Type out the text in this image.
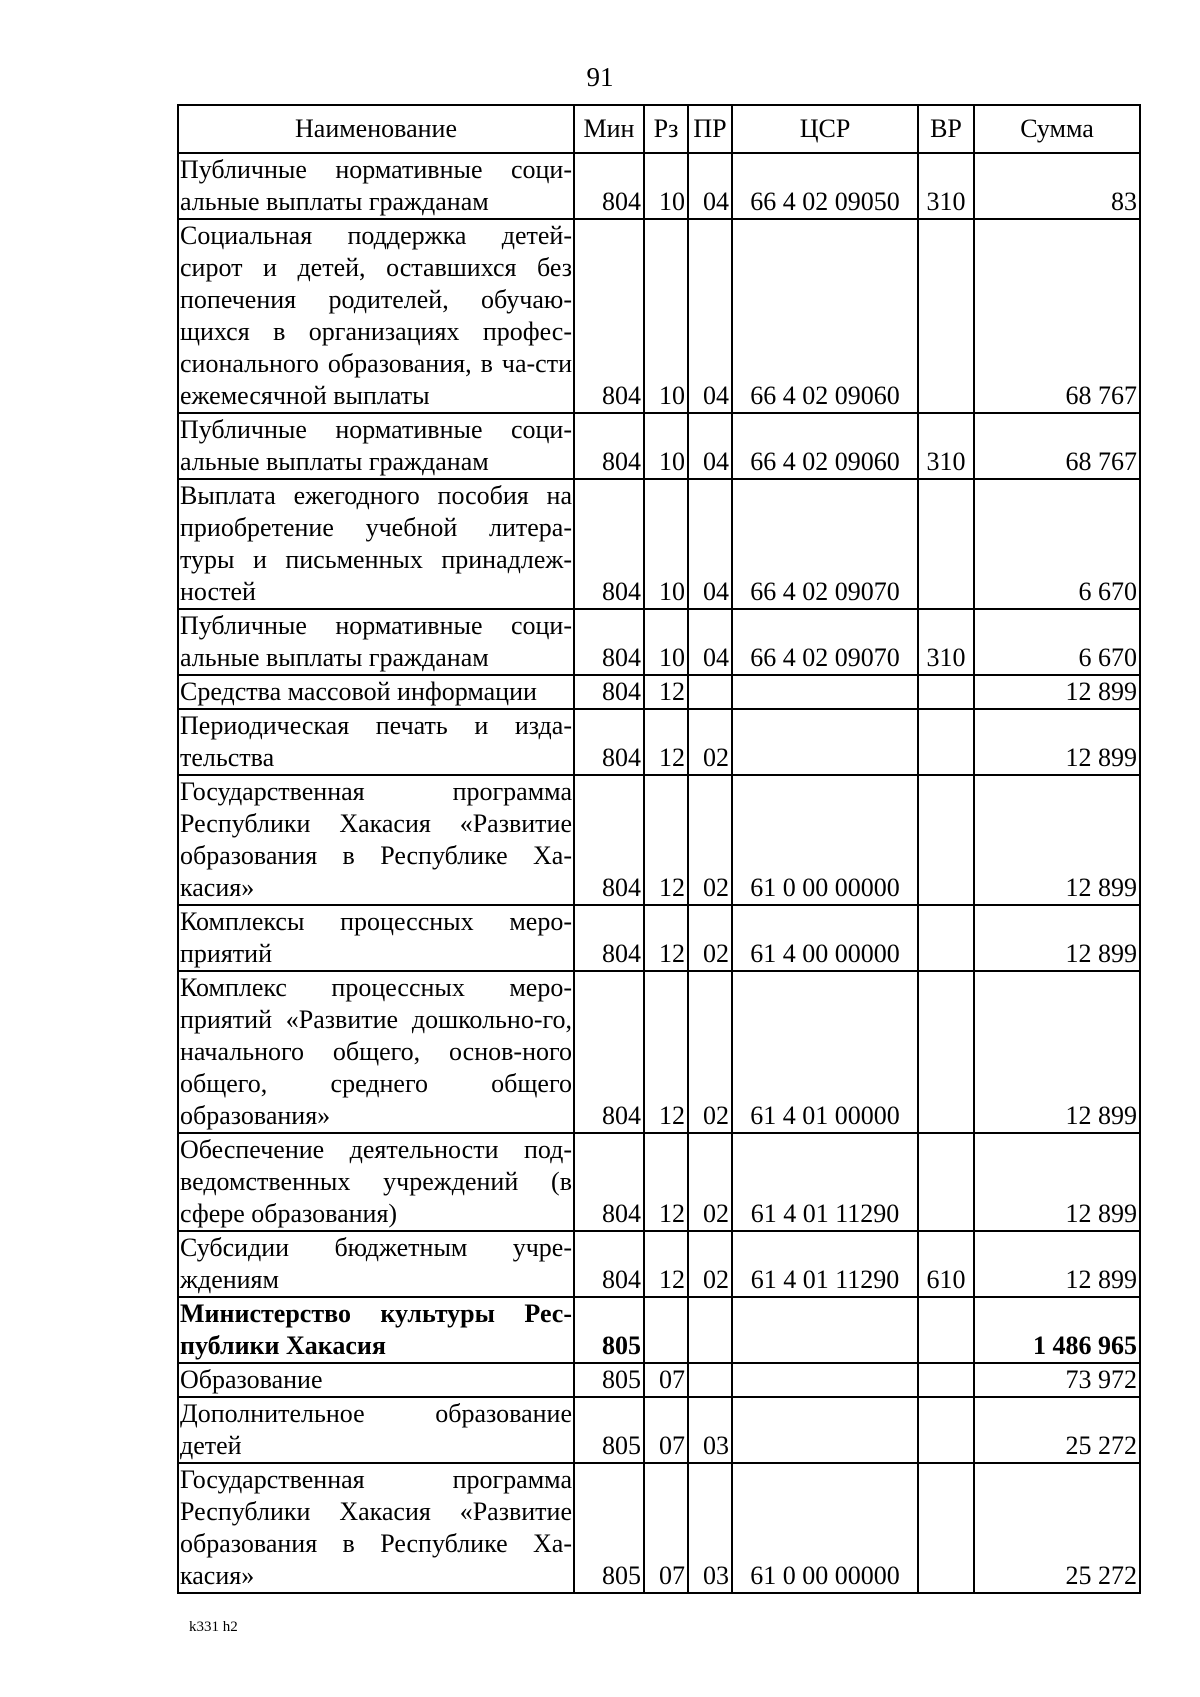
91
Наименование	Мин	Рз	ПР	ЦСР	ВР	Сумма
Публичные нормативные соци-альные выплаты гражданам	804	10	04	66 4 02 09050	310	83
Социальная поддержка детей-сирот и детей, оставшихся без попечения родителей, обучаю-щихся в организациях профес-сионального образования, в ча-сти ежемесячной выплаты	804	10	04	66 4 02 09060		68 767
Публичные нормативные соци-альные выплаты гражданам	804	10	04	66 4 02 09060	310	68 767
Выплата ежегодного пособия на приобретение учебной литера-туры и письменных принадлеж-ностей	804	10	04	66 4 02 09070		6 670
Публичные нормативные соци-альные выплаты гражданам	804	10	04	66 4 02 09070	310	6 670
Средства массовой информации	804	12				12 899
Периодическая печать и изда-тельства	804	12	02			12 899
Государственная программа Республики Хакасия «Развитие образования в Республике Ха-касия»	804	12	02	61 0 00 00000		12 899
Комплексы процессных меро-приятий	804	12	02	61 4 00 00000		12 899
Комплекс процессных меро-приятий «Развитие дошкольно-го, начального общего, основ-ного общего, среднего общего образования»	804	12	02	61 4 01 00000		12 899
Обеспечение деятельности под-ведомственных учреждений (в сфере образования)	804	12	02	61 4 01 11290		12 899
Субсидии бюджетным учре-ждениям	804	12	02	61 4 01 11290	610	12 899
Министерство культуры Рес-публики Хакасия	805					1 486 965
Образование	805	07				73 972
Дополнительное образование детей	805	07	03			25 272
Государственная программа Республики Хакасия «Развитие образования в Республике Ха-касия»	805	07	03	61 0 00 00000		25 272
k331 h2
